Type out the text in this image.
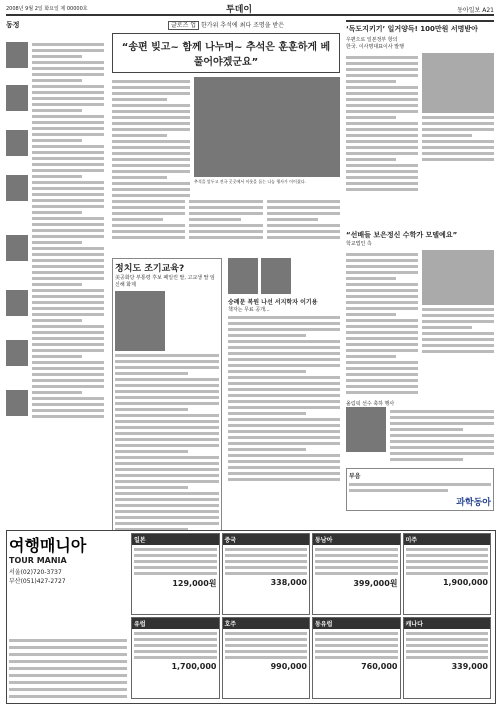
2008년 9월 2일 화요일 제 00000호	투데이	동아일보 A21
동정	글로즈 업 한가위 추석에 최다 조명을 받은
“송편 빚고~ 함께 나누며~ 추석은 훈훈하게 베풀어야겠군요”
추석을 앞두고 전국 곳곳에서 이웃을 돕는 나눔 행사가 이어졌다.
‘독도지키기’ 일거양득! 100만원 서명받아
우편으로 일본정부 항의
한국. 이사명대표이사 발행
정치도 조기교육?
美공화당 부통령 후보 페일린 딸, 고교생 딸 임신해 화제
숭례문 복원 나선 서지학자 이기용
책자는 무료 공개...
“선배들 보은정신 수학가 모델예요”
학교법인 측
올림픽 선수 축하 행사
부음
과학동아
여행매니아
TOUR MANIA
서울(02)720-3737
부산(051)427-2727
일본
129,000원
중국
338,000
동남아
399,000원
미주
1,900,000
유럽
1,700,000
호주
990,000
동유럽
760,000
캐나다
339,000
